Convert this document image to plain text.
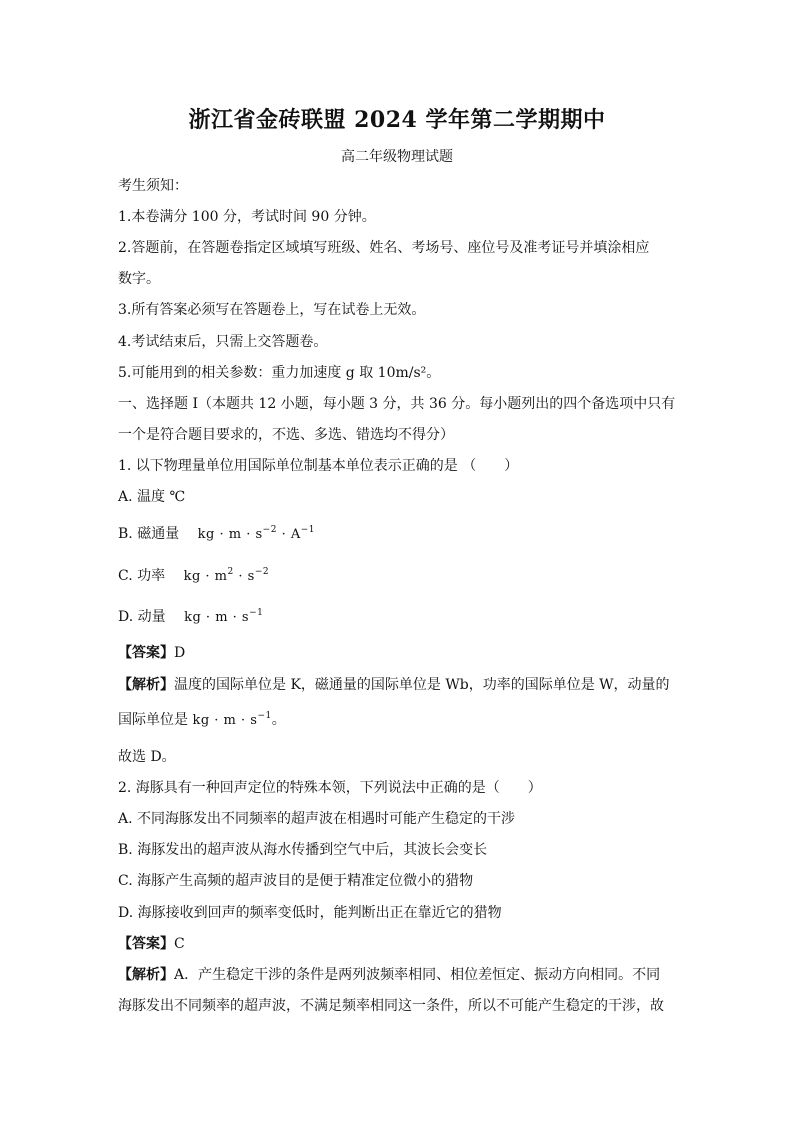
浙江省金砖联盟 2024 学年第二学期期中
高二年级物理试题
考生须知：
1.本卷满分 100 分，考试时间 90 分钟。
2.答题前，在答题卷指定区域填写班级、姓名、考场号、座位号及准考证号并填涂相应
数字。
3.所有答案必须写在答题卷上，写在试卷上无效。
4.考试结束后，只需上交答题卷。
5.可能用到的相关参数：重力加速度 g 取 10m/s²。
一、选择题 I（本题共 12 小题，每小题 3 分，共 36 分。每小题列出的四个备选项中只有
一个是符合题目要求的，不选、多选、错选均不得分）
1. 以下物理量单位用国际单位制基本单位表示正确的是 （　　）
A. 温度 ℃
B. 磁通量 kg · $m \cdot s^{-2} \cdot A^{-1}$
C. 功率 kg · $m^2 \cdot s^{-2}$
D. 动量 kg · $m \cdot s^{-1}$
【答案】D
【解析】温度的国际单位是 K，磁通量的国际单位是 Wb，功率的国际单位是 W，动量的
国际单位是 kg · $m \cdot s^{-1}$。
故选 D。
2. 海豚具有一种回声定位的特殊本领，下列说法中正确的是（　　）
A. 不同海豚发出不同频率的超声波在相遇时可能产生稳定的干涉
B. 海豚发出的超声波从海水传播到空气中后，其波长会变长
C. 海豚产生高频的超声波目的是便于精准定位微小的猎物
D. 海豚接收到回声的频率变低时，能判断出正在靠近它的猎物
【答案】C
【解析】A．产生稳定干涉的条件是两列波频率相同、相位差恒定、振动方向相同。不同
海豚发出不同频率的超声波，不满足频率相同这一条件，所以不可能产生稳定的干涉，故
